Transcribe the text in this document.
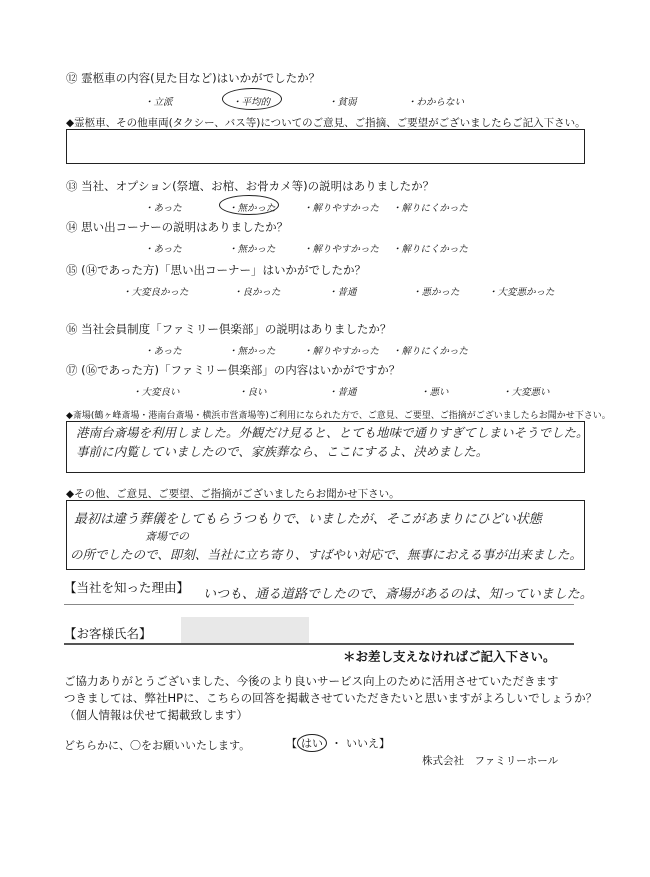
⑫ 霊柩車の内容(見た目など)はいかがでしたか？
・立派	・平均的	・貧弱	・わからない
◆霊柩車、その他車両(タクシー、バス等)についてのご意見、ご指摘、ご要望がございましたらご記入下さい。
⑬ 当社、オプション(祭壇、お棺、お骨カメ等)の説明はありましたか？
・あった	・無かった	・解りやすかった ・解りにくかった
⑭ 思い出コーナーの説明はありましたか？
・あった	・無かった	・解りやすかった ・解りにくかった
⑮ (⑭であった方)「思い出コーナー」はいかがでしたか？
・大変良かった	・良かった	・普通	・悪かった	・大変悪かった
⑯ 当社会員制度「ファミリー倶楽部」の説明はありましたか？
・あった	・無かった	・解りやすかった ・解りにくかった
⑰ (⑯であった方)「ファミリー倶楽部」の内容はいかがですか？
・大変良い	・良い	・普通	・悪い	・大変悪い
◆斎場(鶴ヶ峰斎場・港南台斎場・横浜市営斎場等)ご利用になられた方で、ご意見、ご要望、ご指摘がございましたらお聞かせ下さい。
港南台斎場を利用しました。外観だけ見ると、とても地味で通りすぎてしまいそうでした。
事前に内覧していましたので、家族葬なら、ここにするよ、決めました。
◆その他、ご意見、ご要望、ご指摘がございましたらお聞かせ下さい。
最初は違う葬儀をしてもらうつもりで、いましたが、そこがあまりにひどい状態
斎場での
の所でしたので、即刻、当社に立ち寄り、すばやい対応で、無事におえる事が出来ました。
【当社を知った理由】 いつも、通る道路でしたので、斎場があるのは、知っていました。
【お客様氏名】
＊お差し支えなければご記入下さい。
ご協力ありがとうございました、今後のより良いサービス向上のために活用させていただきます
つきましては、弊社HPに、こちらの回答を掲載させていただきたいと思いますがよろしいでしょうか？
（個人情報は伏せて掲載致します）
どちらかに、〇をお願いいたします。	【 はい ・ いいえ】
株式会社　ファミリーホール
